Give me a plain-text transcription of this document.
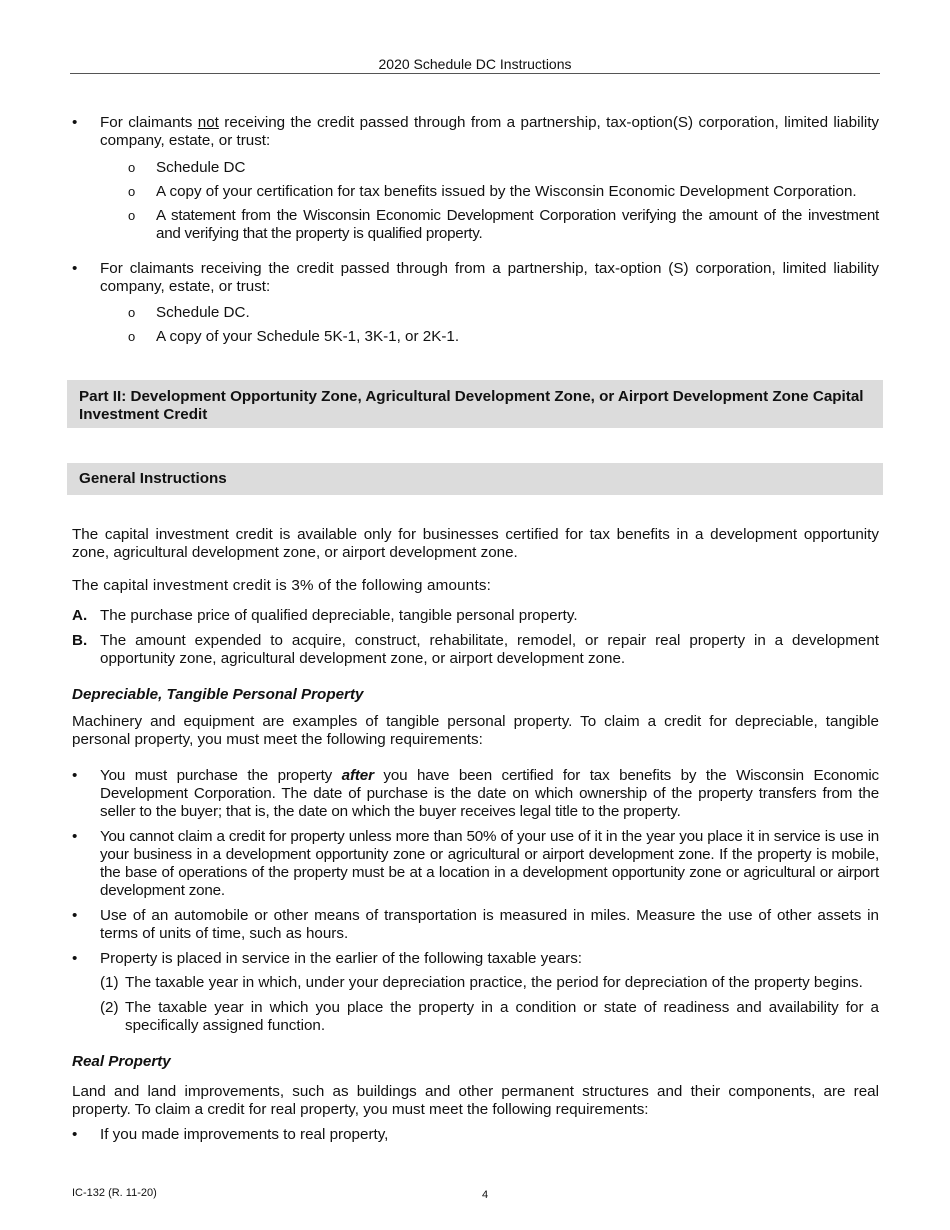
2020 Schedule DC Instructions
• For claimants not receiving the credit passed through from a partnership, tax-option(S) corporation, limited liability company, estate, or trust:
o Schedule DC
o A copy of your certification for tax benefits issued by the Wisconsin Economic Development Corporation.
o A statement from the Wisconsin Economic Development Corporation verifying the amount of the investment and verifying that the property is qualified property.
• For claimants receiving the credit passed through from a partnership, tax-option (S) corporation, limited liability company, estate, or trust:
o Schedule DC.
o A copy of your Schedule 5K-1, 3K-1, or 2K-1.
Part II: Development Opportunity Zone, Agricultural Development Zone, or Airport Development Zone Capital Investment Credit
General Instructions
The capital investment credit is available only for businesses certified for tax benefits in a development opportunity zone, agricultural development zone, or airport development zone.
The capital investment credit is 3% of the following amounts:
A. The purchase price of qualified depreciable, tangible personal property.
B. The amount expended to acquire, construct, rehabilitate, remodel, or repair real property in a development opportunity zone, agricultural development zone, or airport development zone.
Depreciable, Tangible Personal Property
Machinery and equipment are examples of tangible personal property. To claim a credit for depreciable, tangible personal property, you must meet the following requirements:
• You must purchase the property after you have been certified for tax benefits by the Wisconsin Economic Development Corporation. The date of purchase is the date on which ownership of the property transfers from the seller to the buyer; that is, the date on which the buyer receives legal title to the property.
• You cannot claim a credit for property unless more than 50% of your use of it in the year you place it in service is use in your business in a development opportunity zone or agricultural or airport development zone. If the property is mobile, the base of operations of the property must be at a location in a development opportunity zone or agricultural or airport development zone.
• Use of an automobile or other means of transportation is measured in miles. Measure the use of other assets in terms of units of time, such as hours.
• Property is placed in service in the earlier of the following taxable years:
(1) The taxable year in which, under your depreciation practice, the period for depreciation of the property begins.
(2) The taxable year in which you place the property in a condition or state of readiness and availability for a specifically assigned function.
Real Property
Land and land improvements, such as buildings and other permanent structures and their components, are real property. To claim a credit for real property, you must meet the following requirements:
• If you made improvements to real property,
IC-132 (R. 11-20)	4
